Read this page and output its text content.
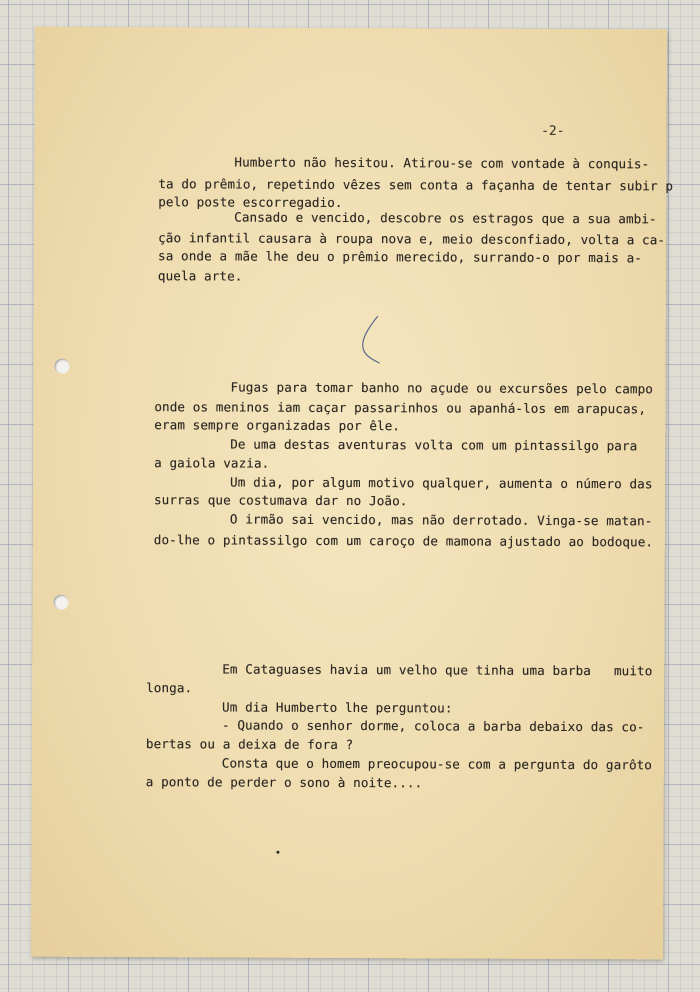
-2-
Humberto não hesitou. Atirou-se com vontade à conquis-
ta do prêmio, repetindo vêzes sem conta a façanha de tentar subir p
pelo poste escorregadio.
Cansado e vencido, descobre os estragos que a sua ambi-
ção infantil causara à roupa nova e, meio desconfiado, volta a ca-
sa onde a mãe lhe deu o prêmio merecido, surrando-o por mais a-
quela arte.
Fugas para tomar banho no açude ou excursões pelo campo
onde os meninos iam caçar passarinhos ou apanhá-los em arapucas,
eram sempre organizadas por êle.
De uma destas aventuras volta com um pintassilgo para
a gaiola vazia.
Um dia, por algum motivo qualquer, aumenta o número das
surras que costumava dar no João.
O irmão sai vencido, mas não derrotado. Vinga-se matan-
do-lhe o pintassilgo com um caroço de mamona ajustado ao bodoque.
Em Cataguases havia um velho que tinha uma barba   muito
longa.
Um dia Humberto lhe perguntou:
- Quando o senhor dorme, coloca a barba debaixo das co-
bertas ou a deixa de fora ?
Consta que o homem preocupou-se com a pergunta do garôto
a ponto de perder o sono à noite....
